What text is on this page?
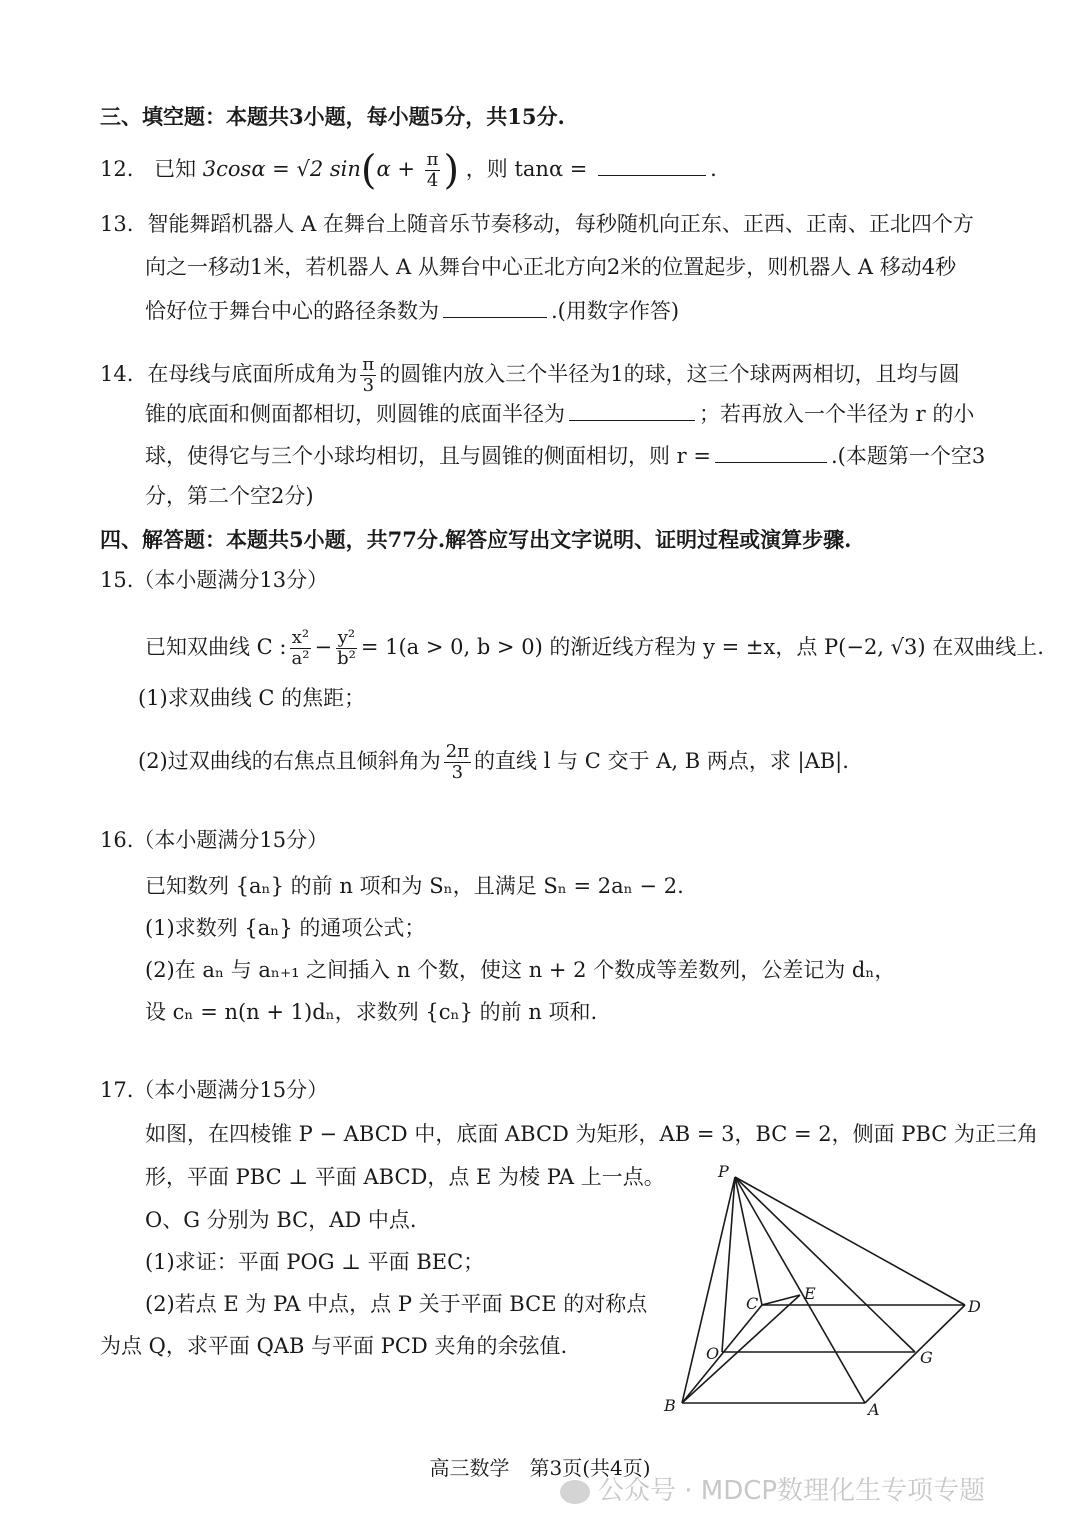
三、填空题：本题共3小题，每小题5分，共15分.
12. 已知 3cosα = √2 $\sin(\alpha + \frac{\pi}{4}$ ) ，则 tanα =	.
13. 智能舞蹈机器人 A 在舞台上随音乐节奏移动，每秒随机向正东、正西、正南、正北四个方
向之一移动1米，若机器人 A 从舞台中心正北方向2米的位置起步，则机器人 A 移动4秒
恰好位于舞台中心的路径条数为	.(用数字作答)
14. 在母线与底面所成角为 $\frac{\pi}{3}$ 的圆锥内放入三个半径为1的球，这三个球两两相切，且均与圆
锥的底面和侧面都相切，则圆锥的底面半径为	；若再放入一个半径为 r 的小
球，使得它与三个小球均相切，且与圆锥的侧面相切，则 r =	.(本题第一个空3
分，第二个空2分)
四、解答题：本题共5小题，共77分.解答应写出文字说明、证明过程或演算步骤.
15.（本小题满分13分）
已知双曲线 C : $\frac{\text{x²}}{\text{a²}} - \frac{\text{y²}}{\text{b²}} = 1(a > 0$, b > 0) 的渐近线方程为 y = ±x，点 P(−2, √3) 在双曲线上.
(1)求双曲线 C 的焦距；
(2)过双曲线的右焦点且倾斜角为 $\frac{2\pi}{3}$ 的直线 l 与 C 交于 A, B 两点，求 |AB|.
16.（本小题满分15分）
已知数列 {aₙ} 的前 n 项和为 Sₙ，且满足 Sₙ = 2aₙ − 2.
(1)求数列 {aₙ} 的通项公式；
(2)在 aₙ 与 aₙ₊₁ 之间插入 n 个数，使这 n + 2 个数成等差数列，公差记为 dₙ，
设 cₙ = n(n + 1)dₙ，求数列 {cₙ} 的前 n 项和.
17.（本小题满分15分）
如图，在四棱锥 P − ABCD 中，底面 ABCD 为矩形，AB = 3，BC = 2，侧面 PBC 为正三角
形，平面 PBC ⊥ 平面 ABCD，点 E 为棱 PA 上一点。
O、G 分别为 BC，AD 中点.
(1)求证：平面 POG ⊥ 平面 BEC；
(2)若点 E 为 PA 中点，点 P 关于平面 BCE 的对称点
为点 Q，求平面 QAB 与平面 PCD 夹角的余弦值.
P
C
E
D
O	G
B	A
高三数学　第3页(共4页)
公众号 · MDCP数理化生专项专题
